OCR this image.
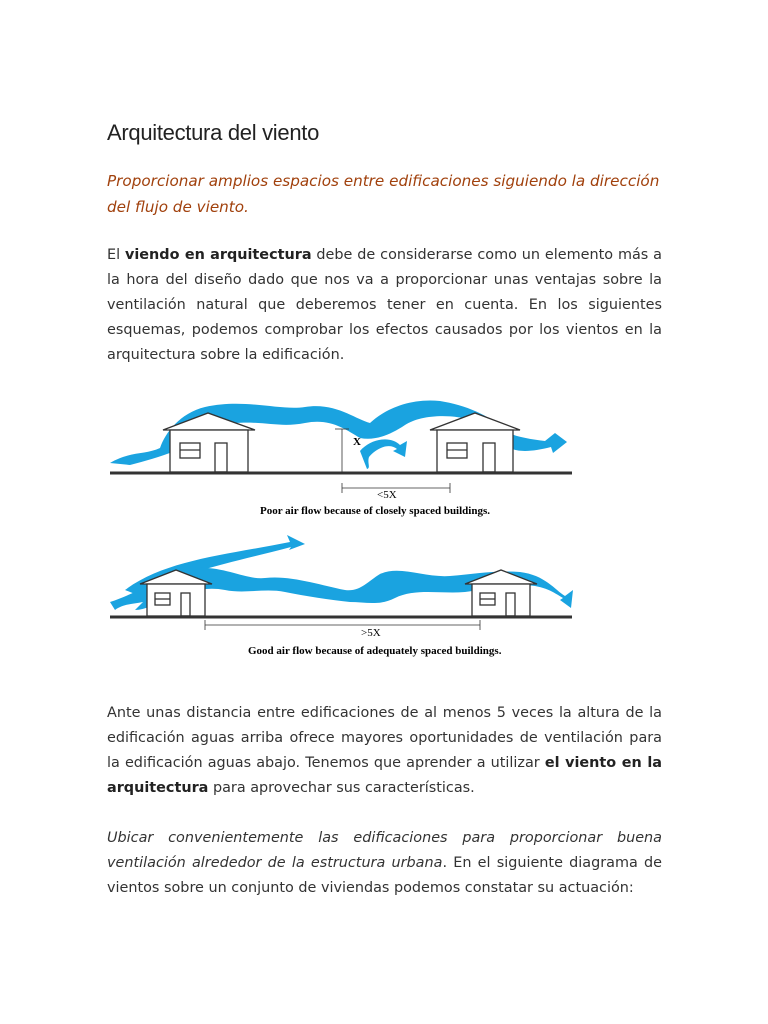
Arquitectura del viento

Proporcionar amplios espacios entre edificaciones siguiendo la dirección del flujo de viento.

El viendo en arquitectura debe de considerarse como un elemento más a la hora del diseño dado que nos va a proporcionar unas ventajas sobre la ventilación natural que deberemos tener en cuenta. En los siguientes esquemas, podemos comprobar los efectos causados por los vientos en la arquitectura sobre la edificación.

Ante unas distancia entre edificaciones de al menos 5 veces la altura de la edificación aguas arriba ofrece mayores oportunidades de ventilación para la edificación aguas abajo. Tenemos que aprender a utilizar el viento en la arquitectura para aprovechar sus características.

Ubicar convenientemente las edificaciones para proporcionar buena ventilación alrededor de la estructura urbana. En el siguiente diagrama de vientos sobre un conjunto de viviendas podemos constatar su actuación:

X
<5X
Poor air flow because of closely spaced buildings.
>5X
Good air flow because of adequately spaced buildings.
